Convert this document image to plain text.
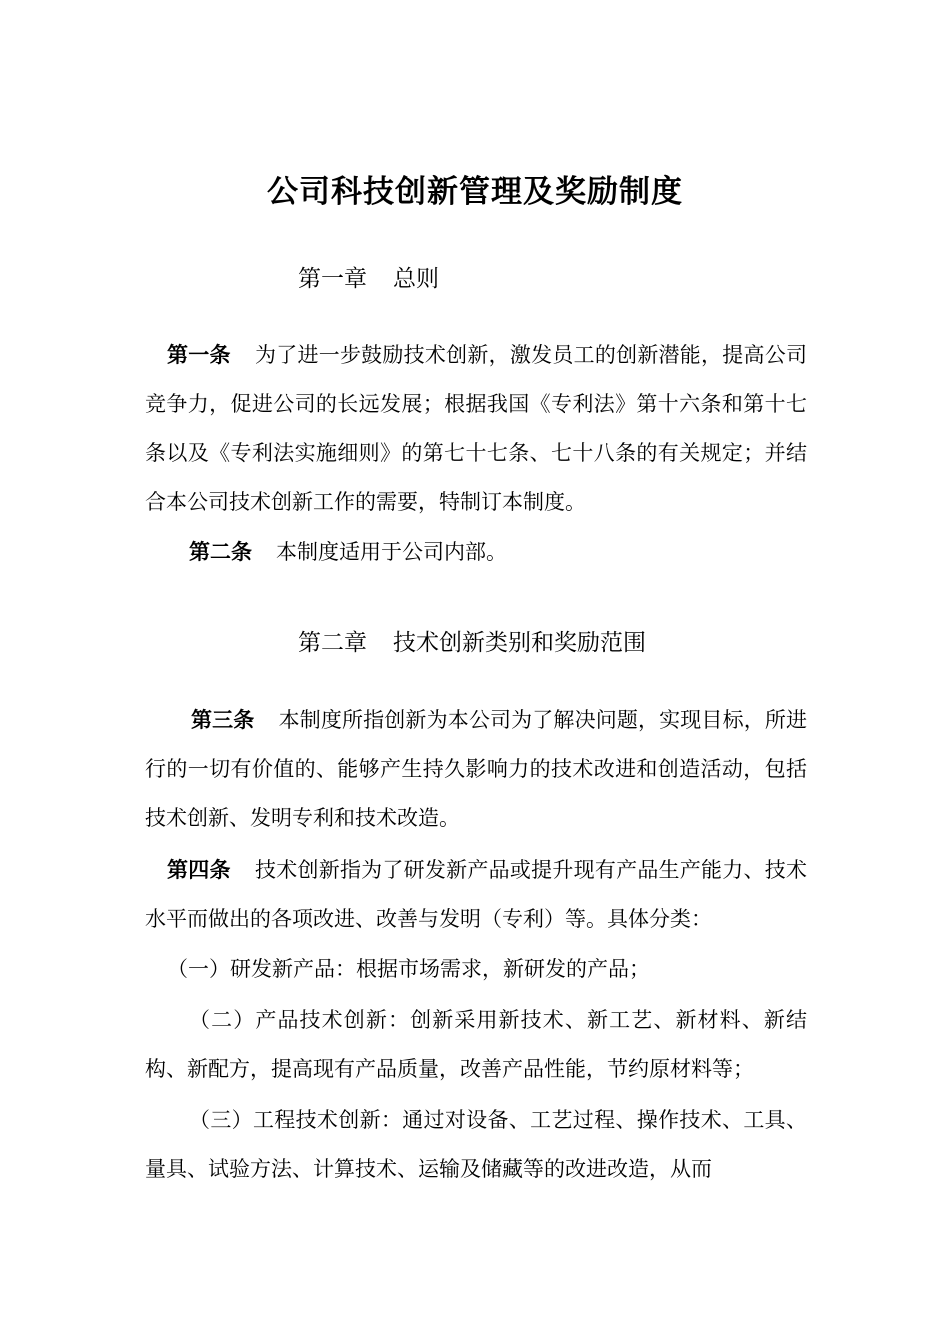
公司科技创新管理及奖励制度
第一章 总则
第一条 为了进一步鼓励技术创新，激发员工的创新潜能，提高公司竞争力，促进公司的长远发展；根据我国《专利法》第十六条和第十七条以及《专利法实施细则》的第七十七条、七十八条的有关规定；并结合本公司技术创新工作的需要，特制订本制度。
第二条 本制度适用于公司内部。
第二章 技术创新类别和奖励范围
第三条 本制度所指创新为本公司为了解决问题，实现目标，所进行的一切有价值的、能够产生持久影响力的技术改进和创造活动，包括技术创新、发明专利和技术改造。
第四条 技术创新指为了研发新产品或提升现有产品生产能力、技术水平而做出的各项改进、改善与发明（专利）等。具体分类：
（一）研发新产品：根据市场需求，新研发的产品；
（二）产品技术创新：创新采用新技术、新工艺、新材料、新结构、新配方，提高现有产品质量，改善产品性能，节约原材料等；
（三）工程技术创新：通过对设备、工艺过程、操作技术、工具、量具、试验方法、计算技术、运输及储藏等的改进改造，从而
